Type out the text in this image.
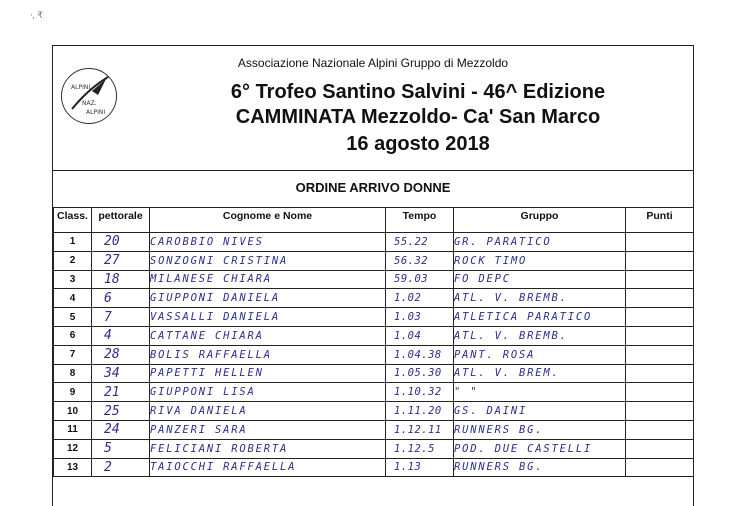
ۥ, ₹
Associazione Nazionale Alpini Gruppo di Mezzoldo
ALPINI
NAZ.
ALPINI
6° Trofeo Santino Salvini - 46^ Edizione
CAMMINATA Mezzoldo- Ca' San Marco
16 agosto 2018
ORDINE ARRIVO DONNE
Class.	pettorale	Cognome e Nome	Tempo	Gruppo	Punti
1	20	CAROBBIO NIVES	55.22	GR. PARATICO	
2	27	SONZOGNI CRISTINA	56.32	ROCK TIMO	
3	18	MILANESE CHIARA	59.03	FO DEPC	
4	6	GIUPPONI DANIELA	1.02	ATL. V. BREMB.	
5	7	VASSALLI DANIELA	1.03	ATLETICA PARATICO	
6	4	CATTANE CHIARA	1.04	ATL. V. BREMB.	
7	28	BOLIS RAFFAELLA	1.04.38	PANT. ROSA	
8	34	PAPETTI HELLEN	1.05.30	ATL. V. BREM.	
9	21	GIUPPONI LISA	1.10.32	" "	
10	25	RIVA DANIELA	1.11.20	GS. DAINI	
11	24	PANZERI SARA	1.12.11	RUNNERS BG.	
12	5	FELICIANI ROBERTA	1.12.5	POD. DUE CASTELLI	
13	2	TAIOCCHI RAFFAELLA	1.13	RUNNERS BG.	
